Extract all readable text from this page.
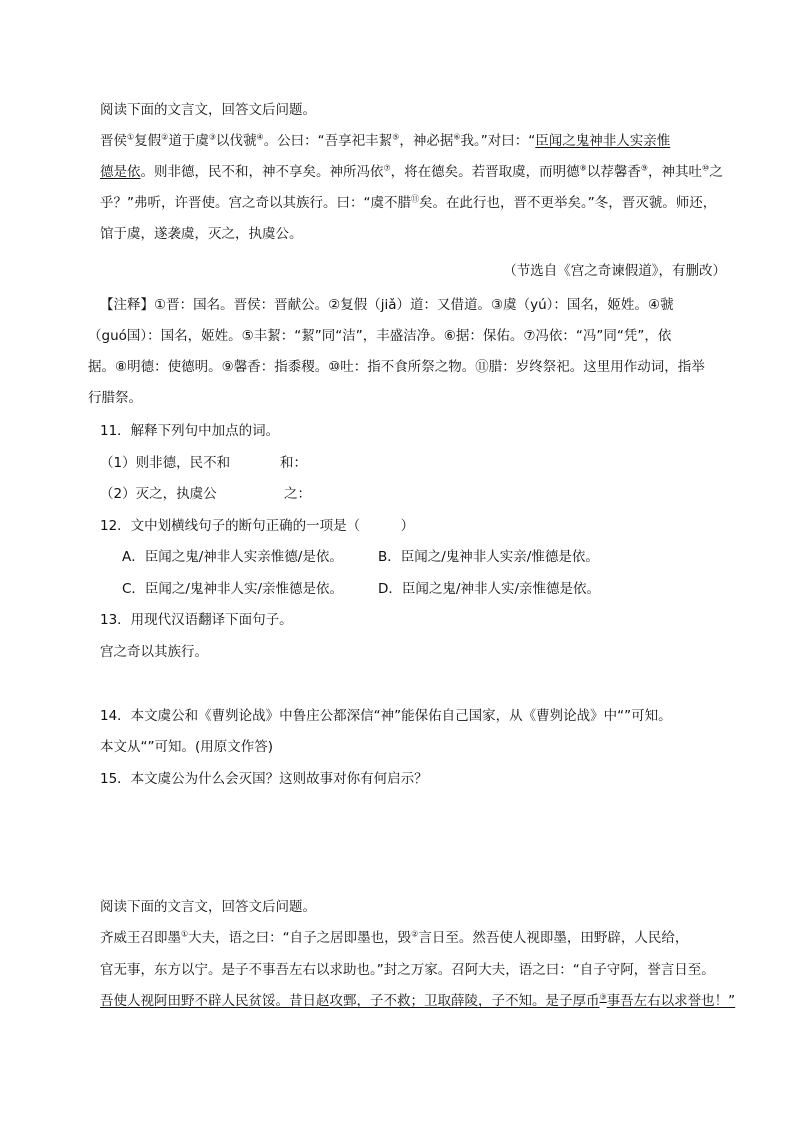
阅读下面的文言文，回答文后问题。
晋侯①复假②道于虞③以伐虢④。公曰：“吾享祀丰絜⑤，神必据⑥我。”对曰：“臣闻之鬼神非人实亲惟
德是依。则非德，民不和，神不享矣。神所冯依⑦，将在德矣。若晋取虞，而明德⑧以荐馨香⑨，神其吐⑩之
乎？”弗听，许晋使。宫之奇以其族行。曰：“虞不腊⑪矣。在此行也，晋不更举矣。”冬，晋灭虢。师还，
馆于虞，遂袭虞，灭之，执虞公。
（节选自《宫之奇谏假道》，有删改）
【注释】①晋：国名。晋侯：晋献公。②复假（jiǎ）道：又借道。③虞（yú）：国名，姬姓。④虢
（guó国）：国名，姬姓。⑤丰絜：“絜”同“洁”，丰盛洁净。⑥据：保佑。⑦冯依：“冯”同“凭”，依
据。⑧明德：使德明。⑨馨香：指黍稷。⑩吐：指不食所祭之物。⑪腊：岁终祭祀。这里用作动词，指举
行腊祭。
11．解释下列句中加点的词。
（1）则非德，民不和	和：
（2）灭之，执虞公	之：
12．文中划横线句子的断句正确的一项是（　　　）
A．臣闻之鬼/神非人实亲惟德/是依。	B．臣闻之/鬼神非人实亲/惟德是依。
C．臣闻之/鬼神非人实/亲惟德是依。	D．臣闻之鬼/神非人实/亲惟德是依。
13．用现代汉语翻译下面句子。
宫之奇以其族行。
14．本文虞公和《曹刿论战》中鲁庄公都深信“神”能保佑自己国家，从《曹刿论战》中“”可知。
本文从“”可知。(用原文作答)
15．本文虞公为什么会灭国？这则故事对你有何启示？
阅读下面的文言文，回答文后问题。
齐威王召即墨①大夫，语之曰：“自子之居即墨也，毁②言日至。然吾使人视即墨，田野辟，人民给，
官无事，东方以宁。是子不事吾左右以求助也。”封之万家。召阿大夫，语之曰：“自子守阿，誉言日至。
吾使人视阿田野不辟人民贫馁。昔日赵攻鄄，子不救；卫取薛陵，子不知。是子厚币③事吾左右以求誉也！”
